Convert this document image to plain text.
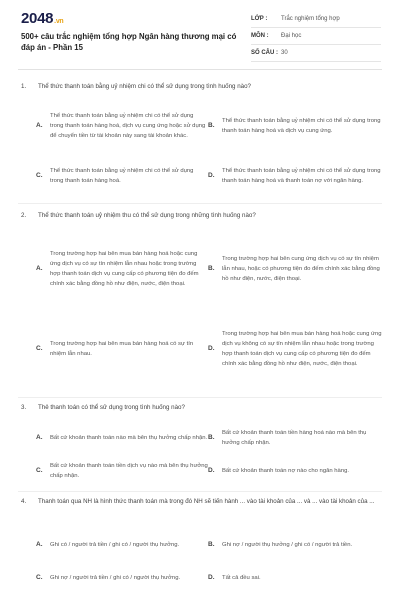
2048.vn
500+ câu trắc nghiệm tổng hợp Ngân hàng thương mại có đáp án - Phần 15
LỚP :	Trắc nghiệm tổng hợp
MÔN :	Đại học
SỐ CÂU : 30
1.	Thể thức thanh toán bằng uỷ nhiệm chi có thể sử dụng trong tình huống nào?
A.
Thể thức thanh toán bằng uỷ nhiệm chi có thể sử dụng trong thanh toán hàng hoá, dịch vụ cung ứng hoặc sử dụng để chuyển tiền từ tài khoản này sang tài khoản khác.
B.
Thể thức thanh toán bằng uỷ nhiệm chi có thể sử dụng trong thanh toán hàng hoá và dịch vụ cung ứng.
C.
Thể thức thanh toán bằng uỷ nhiệm chi có thể sử dụng trong thanh toán hàng hoá.
D.
Thể thức thanh toán bằng uỷ nhiệm chi có thể sử dụng trong thanh toán hàng hoá và thanh toán nợ với ngân hàng.
2.	Thể thức thanh toán uỷ nhiệm thu có thể sử dụng trong những tình huống nào?
A.
Trong trường hợp hai bên mua bán hàng hoá hoặc cung ứng dịch vụ có sự tín nhiệm lẫn nhau hoặc trong trường hợp thanh toán dịch vụ cung cấp có phương tiện đo đếm chính xác bằng đồng hồ như điện, nước, điện thoại.
B.
Trong trường hợp hai bên cung ứng dịch vụ có sự tín nhiệm lẫn nhau, hoặc có phương tiện đo đếm chính xác bằng đồng hồ như điện, nước, điện thoại.
C.
Trong trường hợp hai bên mua bán hàng hoá có sự tín nhiệm lẫn nhau.
D.
Trong trường hợp hai bên mua bán hàng hoá hoặc cung ứng dịch vụ không có sự tín nhiệm lẫn nhau hoặc trong trường hợp thanh toán dịch vụ cung cấp có phương tiện đo đếm chính xác bằng đồng hồ như điện, nước, điện thoại.
3.	Thẻ thanh toán có thể sử dụng trong tình huống nào?
A.	Bất cứ khoản thanh toán nào mà bên thụ hưởng chấp nhận. B.
Bất cứ khoản thanh toán tiền hàng hoá nào mà bên thụ hưởng chấp nhận.
C.
Bất cứ khoản thanh toán tiền dịch vụ nào mà bên thụ hưởng chấp nhận.
D.	Bất cứ khoản thanh toán nợ nào cho ngân hàng.
4.	Thanh toán qua NH là hình thức thanh toán mà trong đó NH sẽ tiến hành ... vào tài khoản của ... và ... vào tài khoản của ...
A.	Ghi có / người trả tiền / ghi có / người thụ hưởng.	B.	Ghi nợ / người thụ hưởng / ghi có / người trả tiền.
C.	Ghi nợ / người trả tiền / ghi có / người thụ hưởng.	D.	Tất cả đều sai.
